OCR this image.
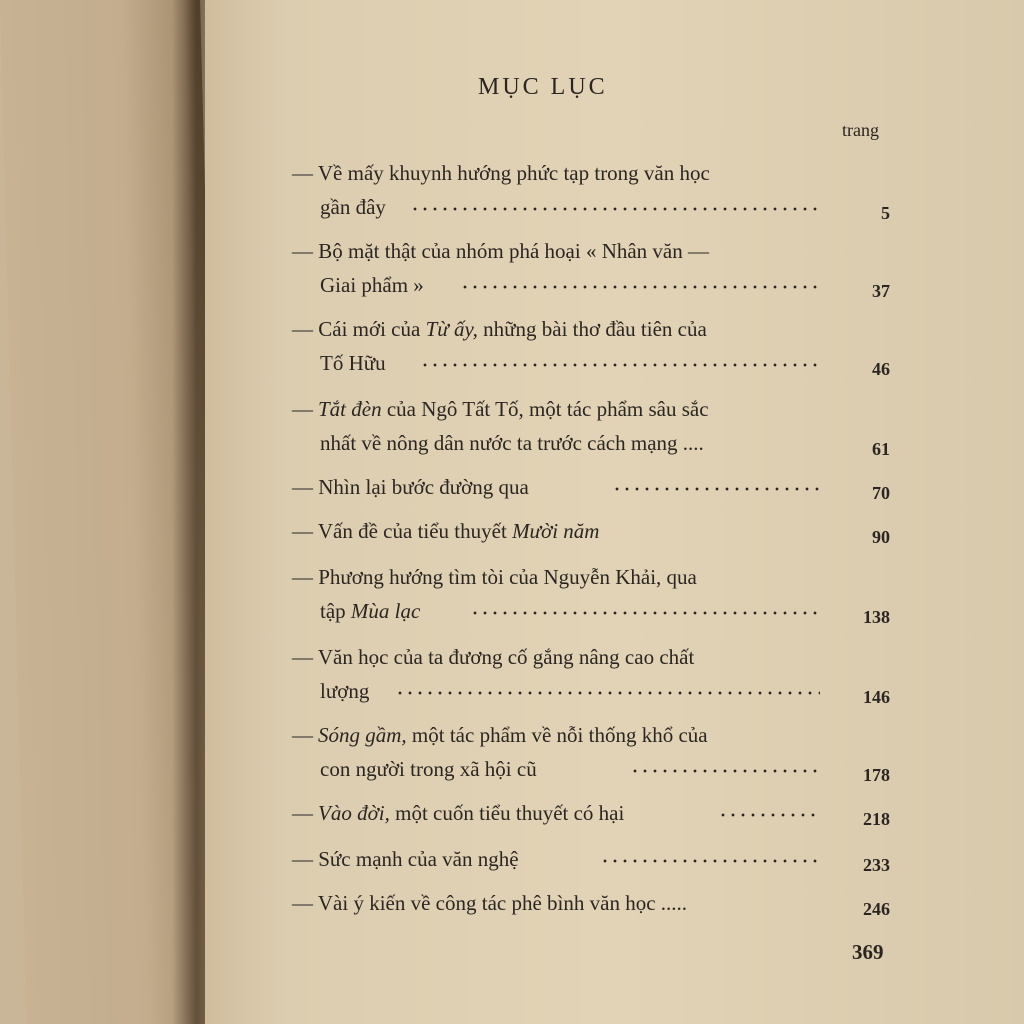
MỤC LỤC
trang
— Về mấy khuynh hướng phức tạp trong văn học
gần đây	5
— Bộ mặt thật của nhóm phá hoại « Nhân văn —
Giai phẩm »	37
— Cái mới của Từ ấy, những bài thơ đầu tiên của
Tố Hữu	46
— Tắt đèn của Ngô Tất Tố, một tác phẩm sâu sắc
nhất về nông dân nước ta trước cách mạng ....	61
— Nhìn lại bước đường qua	70
— Vấn đề của tiểu thuyết Mười năm	90
— Phương hướng tìm tòi của Nguyễn Khải, qua
tập Mùa lạc	138
— Văn học của ta đương cố gắng nâng cao chất
lượng	146
— Sóng gầm, một tác phẩm về nỗi thống khổ của
con người trong xã hội cũ	178
— Vào đời, một cuốn tiểu thuyết có hại	218
— Sức mạnh của văn nghệ	233
— Vài ý kiến về công tác phê bình văn học .....	246
369
